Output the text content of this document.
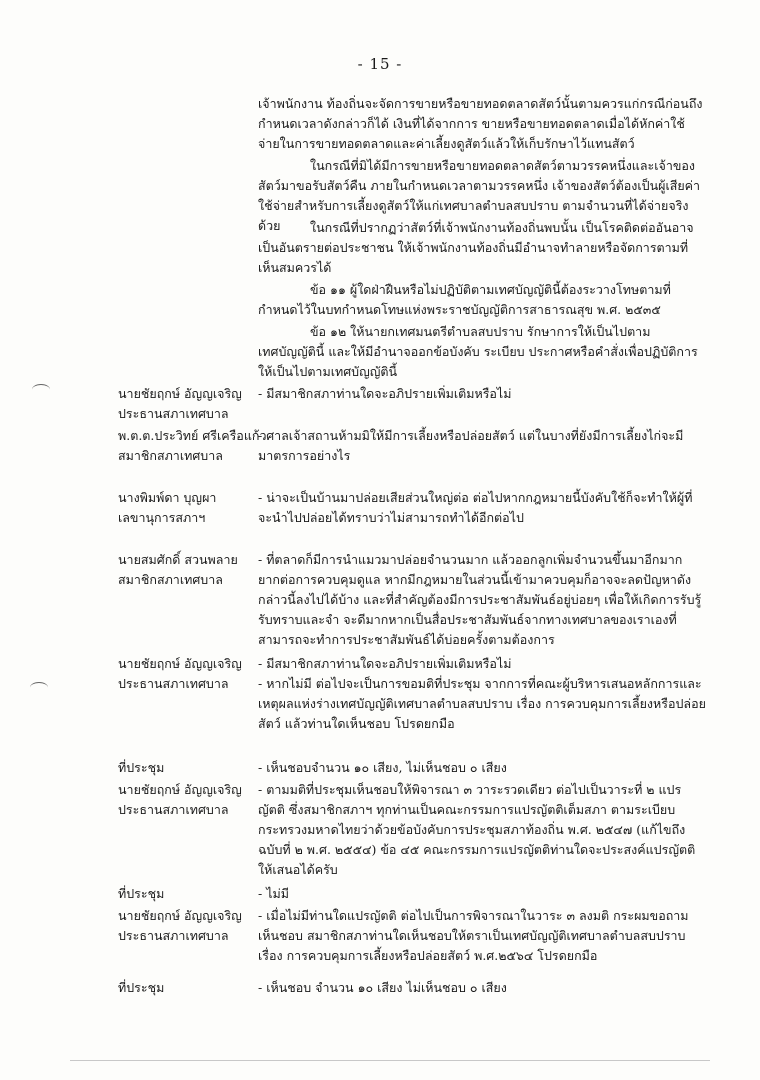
- 15 -

เจ้าพนักงาน ท้องถิ่นจะจัดการขายหรือขายทอดตลาดสัตว์นั้นตามควรแก่กรณีก่อนถึงกำหนดเวลาดังกล่าวก็ได้ เงินที่ได้จากการ ขายหรือขายทอดตลาดเมื่อได้หักค่าใช้จ่ายในการขายทอดตลาดและค่าเลี้ยงดูสัตว์แล้วให้เก็บรักษาไว้แทนสัตว์

ในกรณีที่มิได้มีการขายหรือขายทอดตลาดสัตว์ตามวรรคหนึ่งและเจ้าของสัตว์มาขอรับสัตว์คืน ภายในกำหนดเวลาตามวรรคหนึ่ง เจ้าของสัตว์ต้องเป็นผู้เสียค่าใช้จ่ายสำหรับการเลี้ยงดูสัตว์ให้แก่เทศบาลตำบลสบปราบ ตามจำนวนที่ได้จ่ายจริงด้วย	ในกรณีที่ปรากฏว่าสัตว์ที่เจ้าพนักงานท้องถิ่นพบนั้น เป็นโรคติดต่ออันอาจเป็นอันตรายต่อประชาชน ให้เจ้าพนักงานท้องถิ่นมีอำนาจทำลายหรือจัดการตามที่เห็นสมควรได้

ข้อ ๑๑ ผู้ใดฝ่าฝืนหรือไม่ปฏิบัติตามเทศบัญญัตินี้ต้องระวางโทษตามที่กำหนดไว้ในบทกำหนดโทษแห่งพระราชบัญญัติการสาธารณสุข พ.ศ. ๒๕๓๕

ข้อ ๑๒ ให้นายกเทศมนตรีตำบลสบปราบ รักษาการให้เป็นไปตามเทศบัญญัตินี้ และให้มีอำนาจออกข้อบังคับ ระเบียบ ประกาศหรือคำสั่งเพื่อปฏิบัติการให้เป็นไปตามเทศบัญญัตินี้

นายชัยฤกษ์ อัญญเจริญ
ประธานสภาเทศบาล

- มีสมาชิกสภาท่านใดจะอภิปรายเพิ่มเติมหรือไม่

พ.ต.ต.ประวิทย์ ศรีเครือแก้ว
สมาชิกสภาเทศบาล

- ศาลเจ้าสถานห้ามมิให้มีการเลี้ยงหรือปล่อยสัตว์ แต่ในบางที่ยังมีการเลี้ยงไก่จะมีมาตรการอย่างไร

นางพิมพ์ดา บุญผา
เลขานุการสภาฯ

- น่าจะเป็นบ้านมาปล่อยเสียส่วนใหญ่ต่อ ต่อไปหากกฎหมายนี้บังคับใช้ก็จะทำให้ผู้ที่จะนำไปปล่อยได้ทราบว่าไม่สามารถทำได้อีกต่อไป

นายสมศักดิ์ สวนพลาย
สมาชิกสภาเทศบาล

- ที่ตลาดก็มีการนำแมวมาปล่อยจำนวนมาก แล้วออกลูกเพิ่มจำนวนขึ้นมาอีกมาก ยากต่อการควบคุมดูแล หากมีกฎหมายในส่วนนี้เข้ามาควบคุมก็อาจจะลดปัญหาดังกล่าวนี้ลงไปได้บ้าง และที่สำคัญต้องมีการประชาสัมพันธ์อยู่บ่อยๆ เพื่อให้เกิดการรับรู้รับทราบและจำ จะดีมากหากเป็นสื่อประชาสัมพันธ์จากทางเทศบาลของเราเองที่สามารถจะทำการประชาสัมพันธ์ได้บ่อยครั้งตามต้องการ

นายชัยฤกษ์ อัญญเจริญ
ประธานสภาเทศบาล

- มีสมาชิกสภาท่านใดจะอภิปรายเพิ่มเติมหรือไม่
- หากไม่มี ต่อไปจะเป็นการขอมติที่ประชุม จากการที่คณะผู้บริหารเสนอหลักการและเหตุผลแห่งร่างเทศบัญญัติเทศบาลตำบลสบปราบ เรื่อง การควบคุมการเลี้ยงหรือปล่อยสัตว์ แล้วท่านใดเห็นชอบ โปรดยกมือ

ที่ประชุม	- เห็นชอบจำนวน ๑๐ เสียง, ไม่เห็นชอบ ๐ เสียง

นายชัยฤกษ์ อัญญเจริญ
ประธานสภาเทศบาล

- ตามมติที่ประชุมเห็นชอบให้พิจารณา ๓ วาระรวดเดียว ต่อไปเป็นวาระที่ ๒ แปรญัตติ ซึ่งสมาชิกสภาฯ ทุกท่านเป็นคณะกรรมการแปรญัตติเต็มสภา ตามระเบียบกระทรวงมหาดไทยว่าด้วยข้อบังคับการประชุมสภาท้องถิ่น พ.ศ. ๒๕๔๗ (แก้ไขถึงฉบับที่ ๒ พ.ศ. ๒๕๕๔) ข้อ ๔๕ คณะกรรมการแปรญัตติท่านใดจะประสงค์แปรญัตติให้เสนอได้ครับ

ที่ประชุม	- ไม่มี

นายชัยฤกษ์ อัญญเจริญ
ประธานสภาเทศบาล

- เมื่อไม่มีท่านใดแปรญัตติ ต่อไปเป็นการพิจารณาในวาระ ๓ ลงมติ กระผมขอถามเห็นชอบ สมาชิกสภาท่านใดเห็นชอบให้ตราเป็นเทศบัญญัติเทศบาลตำบลสบปราบ เรื่อง การควบคุมการเลี้ยงหรือปล่อยสัตว์ พ.ศ.๒๕๖๔ โปรดยกมือ

ที่ประชุม	- เห็นชอบ จำนวน ๑๐ เสียง ไม่เห็นชอบ ๐ เสียง
